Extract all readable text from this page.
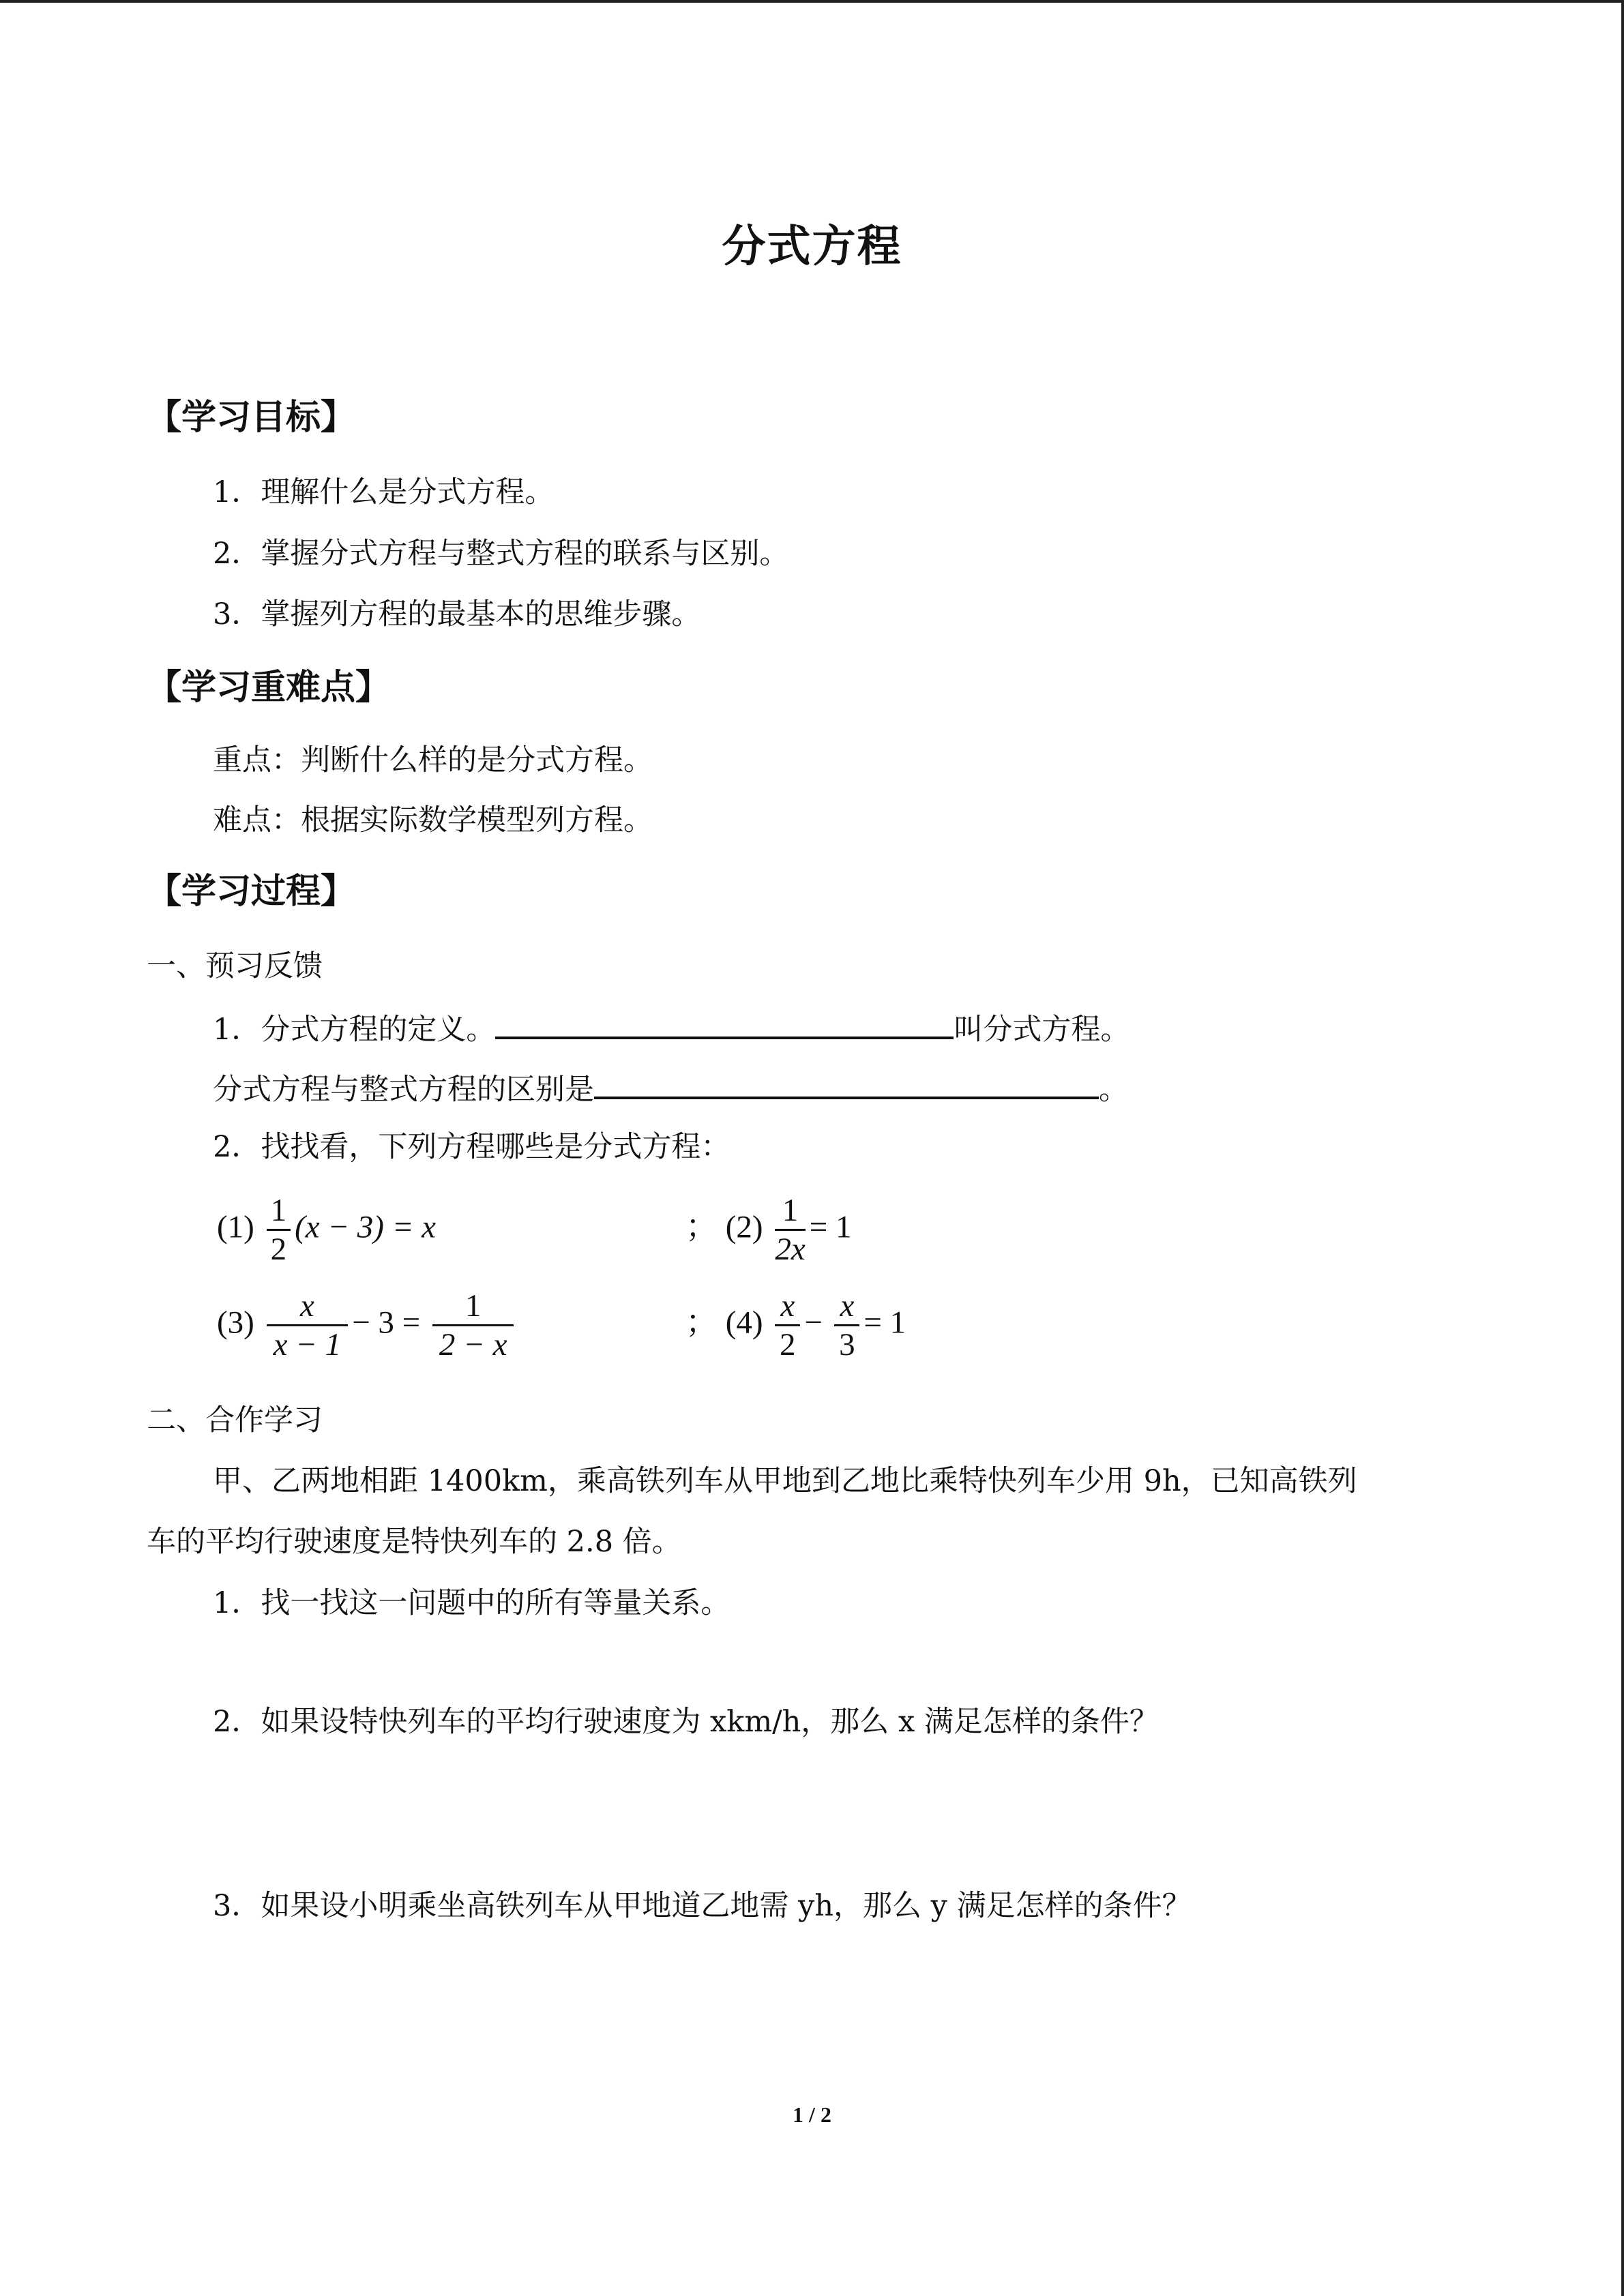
分式方程
【学习目标】
1．理解什么是分式方程。
2．掌握分式方程与整式方程的联系与区别。
3．掌握列方程的最基本的思维步骤。
【学习重难点】
重点：判断什么样的是分式方程。
难点：根据实际数学模型列方程。
【学习过程】
一、预习反馈
1．分式方程的定义。	叫分式方程。
分式方程与整式方程的区别是	。
2．找找看，下列方程哪些是分式方程：
$(1) \frac{1}{2} (x - 3) = x$	； $(2) \frac{1}{2x} = 1$
$(3) \frac{x}{x - 1} - 3 = \frac{1}{2 - x}$	； $(4) \frac{x}{2} - \frac{x}{3} = 1$
二、合作学习
甲、乙两地相距 1400km，乘高铁列车从甲地到乙地比乘特快列车少用 9h，已知高铁列
车的平均行驶速度是特快列车的 2.8 倍。
1．找一找这一问题中的所有等量关系。
2．如果设特快列车的平均行驶速度为 xkm/h，那么 x 满足怎样的条件？
3．如果设小明乘坐高铁列车从甲地道乙地需 yh，那么 y 满足怎样的条件？
1 / 2
